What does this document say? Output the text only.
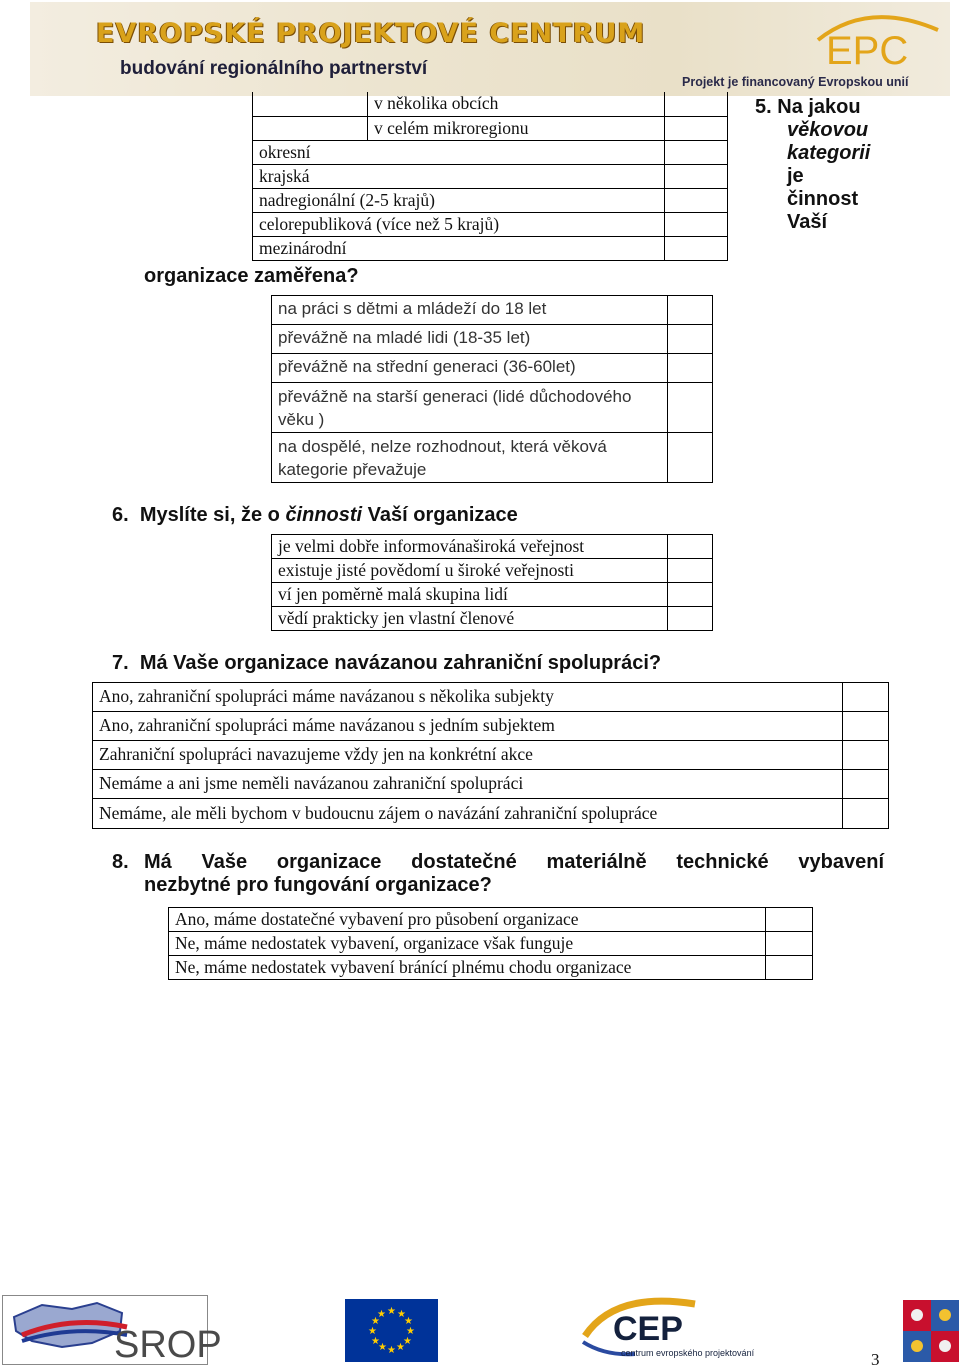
EVROPSKÉ PROJEKTOVÉ CENTRUM
budování regionálního partnerství
Projekt je financovaný Evropskou unií
EPC
	v několika obcích	
	v celém mikroregionu	
okresní		
krajská		
nadregionální (2-5 krajů)		
celorepubliková (více než 5 krajů)		
mezinárodní		
5. Na jakou
věkovou
kategorii
je
činnost
Vaší
organizace zaměřena?
na práci s dětmi a mládeží do 18 let	
převážně na mladé lidi (18-35 let)	
převážně na střední generaci (36-60let)	
převážně na starší generaci (lidé důchodového věku )	
na dospělé, nelze rozhodnout, která věková kategorie převažuje	
6. Myslíte si, že o činnosti Vaší organizace
je velmi dobře informovánaširoká veřejnost	
existuje jisté povědomí u široké veřejnosti	
ví jen poměrně malá skupina lidí	
vědí prakticky jen vlastní členové	
7. Má Vaše organizace navázanou zahraniční spolupráci?
Ano, zahraniční spolupráci máme navázanou s několika subjekty	
Ano, zahraniční spolupráci máme navázanou s jedním subjektem	
Zahraniční spolupráci navazujeme vždy jen na konkrétní akce	
Nemáme a ani jsme neměli navázanou zahraniční spolupráci	
Nemáme, ale měli bychom v budoucnu zájem o navázání zahraniční spolupráce	
8. Má Vaše organizace dostatečné materiálně technické vybavení
nezbytné pro fungování organizace?
Ano, máme dostatečné vybavení pro působení organizace	
Ne, máme nedostatek vybavení, organizace však funguje	
Ne, máme nedostatek vybavení bránící plnému chodu organizace	
SROP
★ ★
★
★
★
★
★
★
★
★
★
★	CEP
centrum evropského projektování	3
